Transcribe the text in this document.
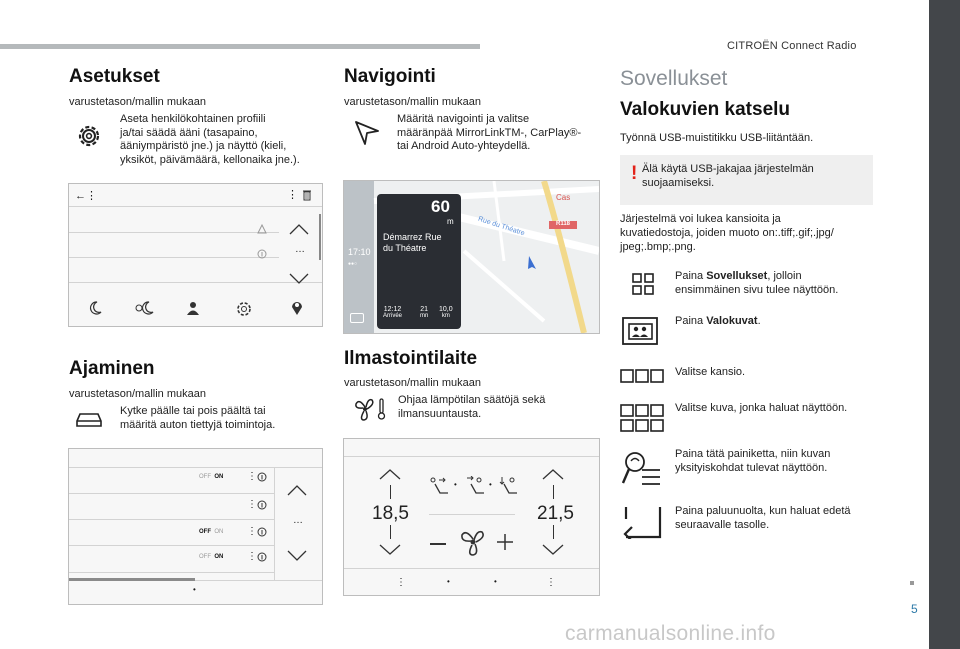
CITROËN Connect Radio
5
carmanualsonline.info
Asetukset
varustetason/mallin mukaan
Aseta henkilökohtainen profiili
ja/tai säädä ääni (tasapaino,
ääniympäristö jne.) ja näyttö (kieli,
yksiköt, päivämäärä, kellonaika jne.).
←⋮	⋮
…
Ajaminen
varustetason/mallin mukaan
Kytke päälle tai pois päältä tai
määritä auton tiettyjä toimintoja.
OFF ON ⋮
⋮
OFF ON ⋮
OFF ON ⋮
…
•
Navigointi
varustetason/mallin mukaan
Määritä navigointi ja valitse
määränpää MirrorLinkTM-, CarPlay®-
tai Android Auto-yhteydellä.
R118
Rue du Théatre
Cas
17:10
●●○
60
m
Démarrez Rue
du Théatre
12:12
Arrivée
21
mn
10,0
km
Ilmastointilaite
varustetason/mallin mukaan
Ohjaa lämpötilan säätöjä sekä
ilmansuuntausta.
18,5	21,5
•	•
⋮	•	•	⋮
Sovellukset
Valokuvien katselu
Työnnä USB-muistitikku USB-liitäntään.
! Älä käytä USB-jakajaa järjestelmän
suojaamiseksi.
Järjestelmä voi lukea kansioita ja
kuvatiedostoja, joiden muoto on:.tiff;.gif;.jpg/
jpeg;.bmp;.png.
Paina Sovellukset, jolloin
ensimmäinen sivu tulee näyttöön.
Paina Valokuvat.
Valitse kansio.
Valitse kuva, jonka haluat näyttöön.
Paina tätä painiketta, niin kuvan
yksityiskohdat tulevat näyttöön.
Paina paluunuolta, kun haluat edetä
seuraavalle tasolle.
